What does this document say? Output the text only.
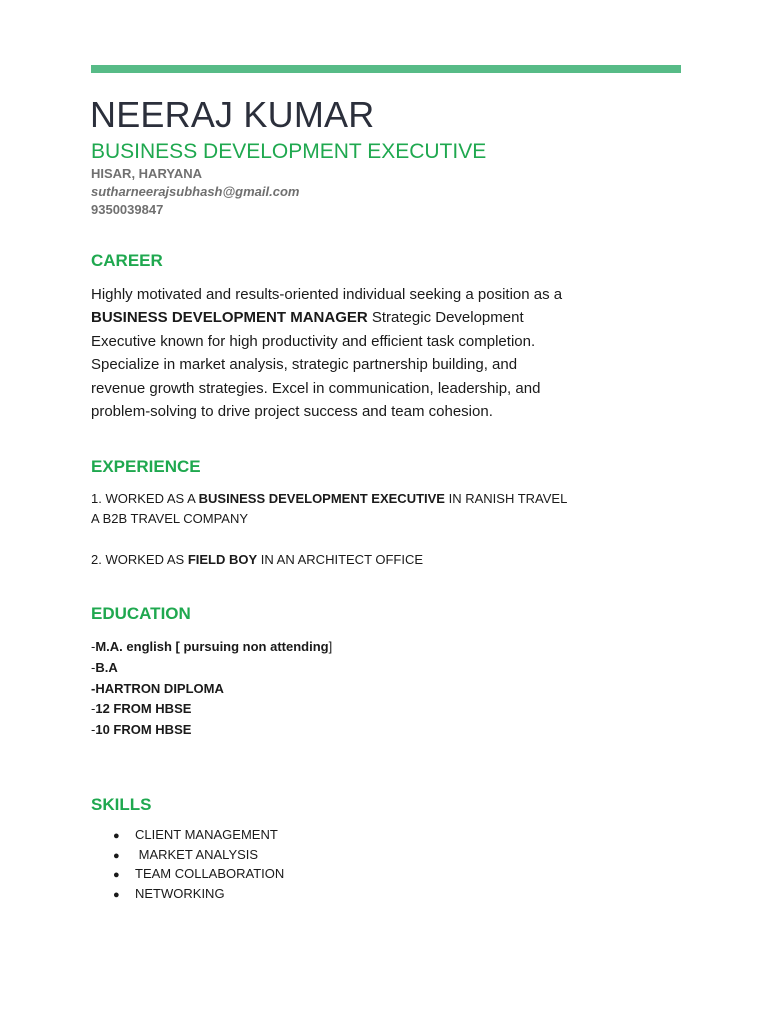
NEERAJ KUMAR
BUSINESS DEVELOPMENT EXECUTIVE
HISAR, HARYANA
sutharneerajsubhash@gmail.com
9350039847
CAREER
Highly motivated and results-oriented individual seeking a position as a BUSINESS DEVELOPMENT MANAGER Strategic Development Executive known for high productivity and efficient task completion. Specialize in market analysis, strategic partnership building, and revenue growth strategies. Excel in communication, leadership, and problem-solving to drive project success and team cohesion.
EXPERIENCE
1. WORKED AS A BUSINESS DEVELOPMENT EXECUTIVE IN RANISH TRAVEL
A B2B TRAVEL COMPANY
2. WORKED AS FIELD BOY IN AN ARCHITECT OFFICE
EDUCATION
-M.A. english [ pursuing non attending]
-B.A
-HARTRON DIPLOMA
-12 FROM HBSE
-10 FROM HBSE
SKILLS
● CLIENT MANAGEMENT
● MARKET ANALYSIS
● TEAM COLLABORATION
● NETWORKING
